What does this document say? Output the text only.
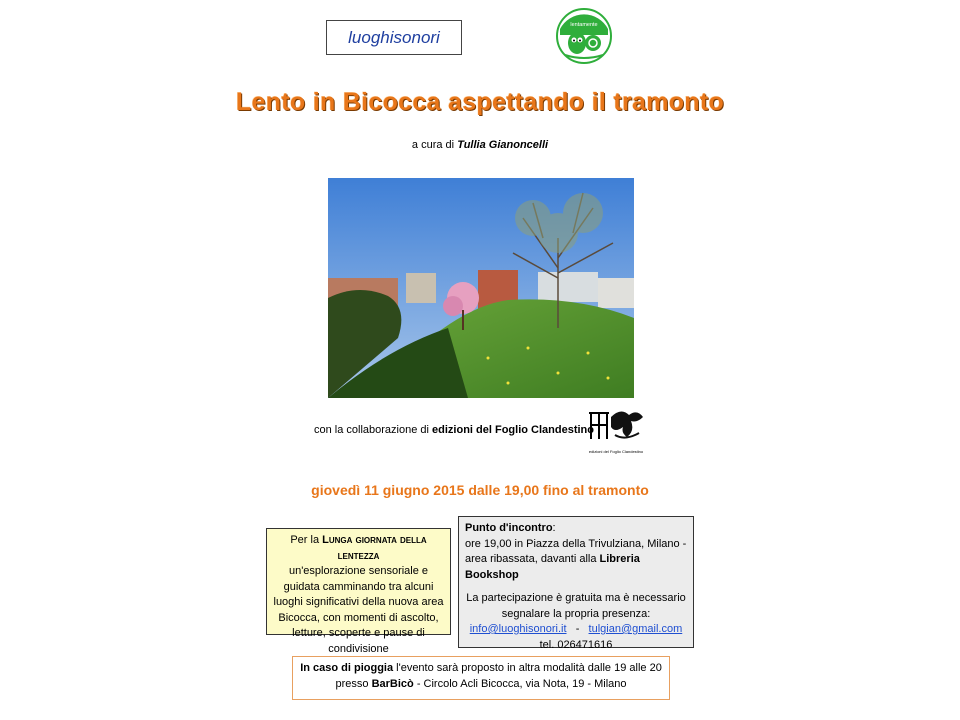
luoghisonori
lentamente
Lento in Bicocca aspettando il tramonto
a cura di Tullia Gianoncelli
con la collaborazione di edizioni del Foglio Clandestino
edizioni del Foglio Clandestino
giovedì 11 giugno 2015 dalle 19,00 fino al tramonto
Per la Lunga giornata della lentezza
un'esplorazione sensoriale e guidata camminando tra alcuni luoghi significativi della nuova area Bicocca, con momenti di ascolto, letture, scoperte e pause di condivisione
Punto d'incontro:
ore 19,00 in Piazza della Trivulziana, Milano - area ribassata, davanti alla Libreria Bookshop
La partecipazione è gratuita ma è necessario segnalare la propria presenza:
info@luoghisonori.it - tulgian@gmail.com
tel. 026471616
In caso di pioggia l'evento sarà proposto in altra modalità dalle 19 alle 20
presso BarBicò - Circolo Acli Bicocca, via Nota, 19 - Milano
